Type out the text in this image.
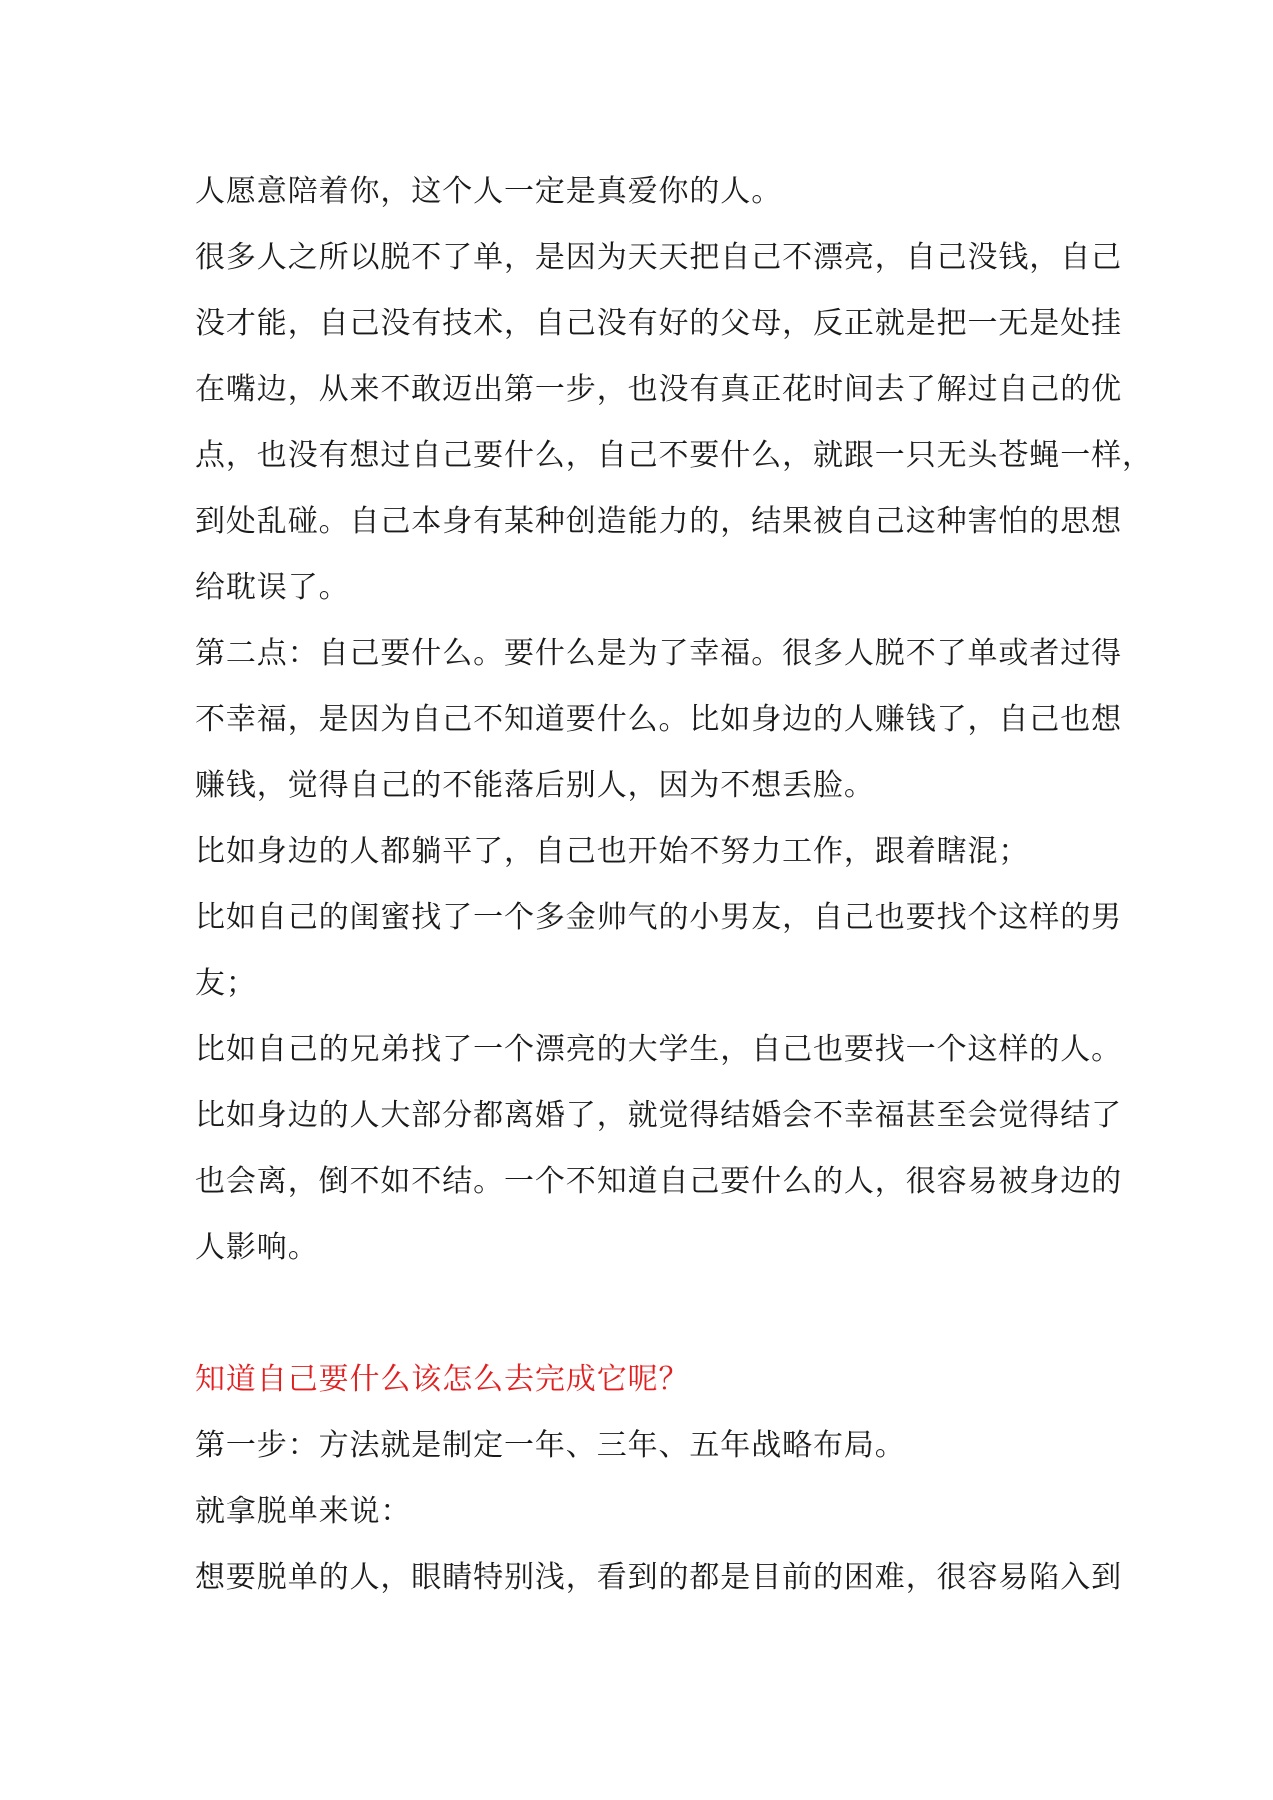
人愿意陪着你，这个人一定是真爱你的人。
很多人之所以脱不了单，是因为天天把自己不漂亮，自己没钱，自己
没才能，自己没有技术，自己没有好的父母，反正就是把一无是处挂
在嘴边，从来不敢迈出第一步，也没有真正花时间去了解过自己的优
点，也没有想过自己要什么，自己不要什么，就跟一只无头苍蝇一样，
到处乱碰。自己本身有某种创造能力的，结果被自己这种害怕的思想
给耽误了。
第二点：自己要什么。要什么是为了幸福。很多人脱不了单或者过得
不幸福，是因为自己不知道要什么。比如身边的人赚钱了，自己也想
赚钱，觉得自己的不能落后别人，因为不想丢脸。
比如身边的人都躺平了，自己也开始不努力工作，跟着瞎混；
比如自己的闺蜜找了一个多金帅气的小男友，自己也要找个这样的男
友；
比如自己的兄弟找了一个漂亮的大学生，自己也要找一个这样的人。
比如身边的人大部分都离婚了，就觉得结婚会不幸福甚至会觉得结了
也会离，倒不如不结。一个不知道自己要什么的人，很容易被身边的
人影响。
知道自己要什么该怎么去完成它呢？
第一步：方法就是制定一年、三年、五年战略布局。
就拿脱单来说：
想要脱单的人，眼睛特别浅，看到的都是目前的困难，很容易陷入到
